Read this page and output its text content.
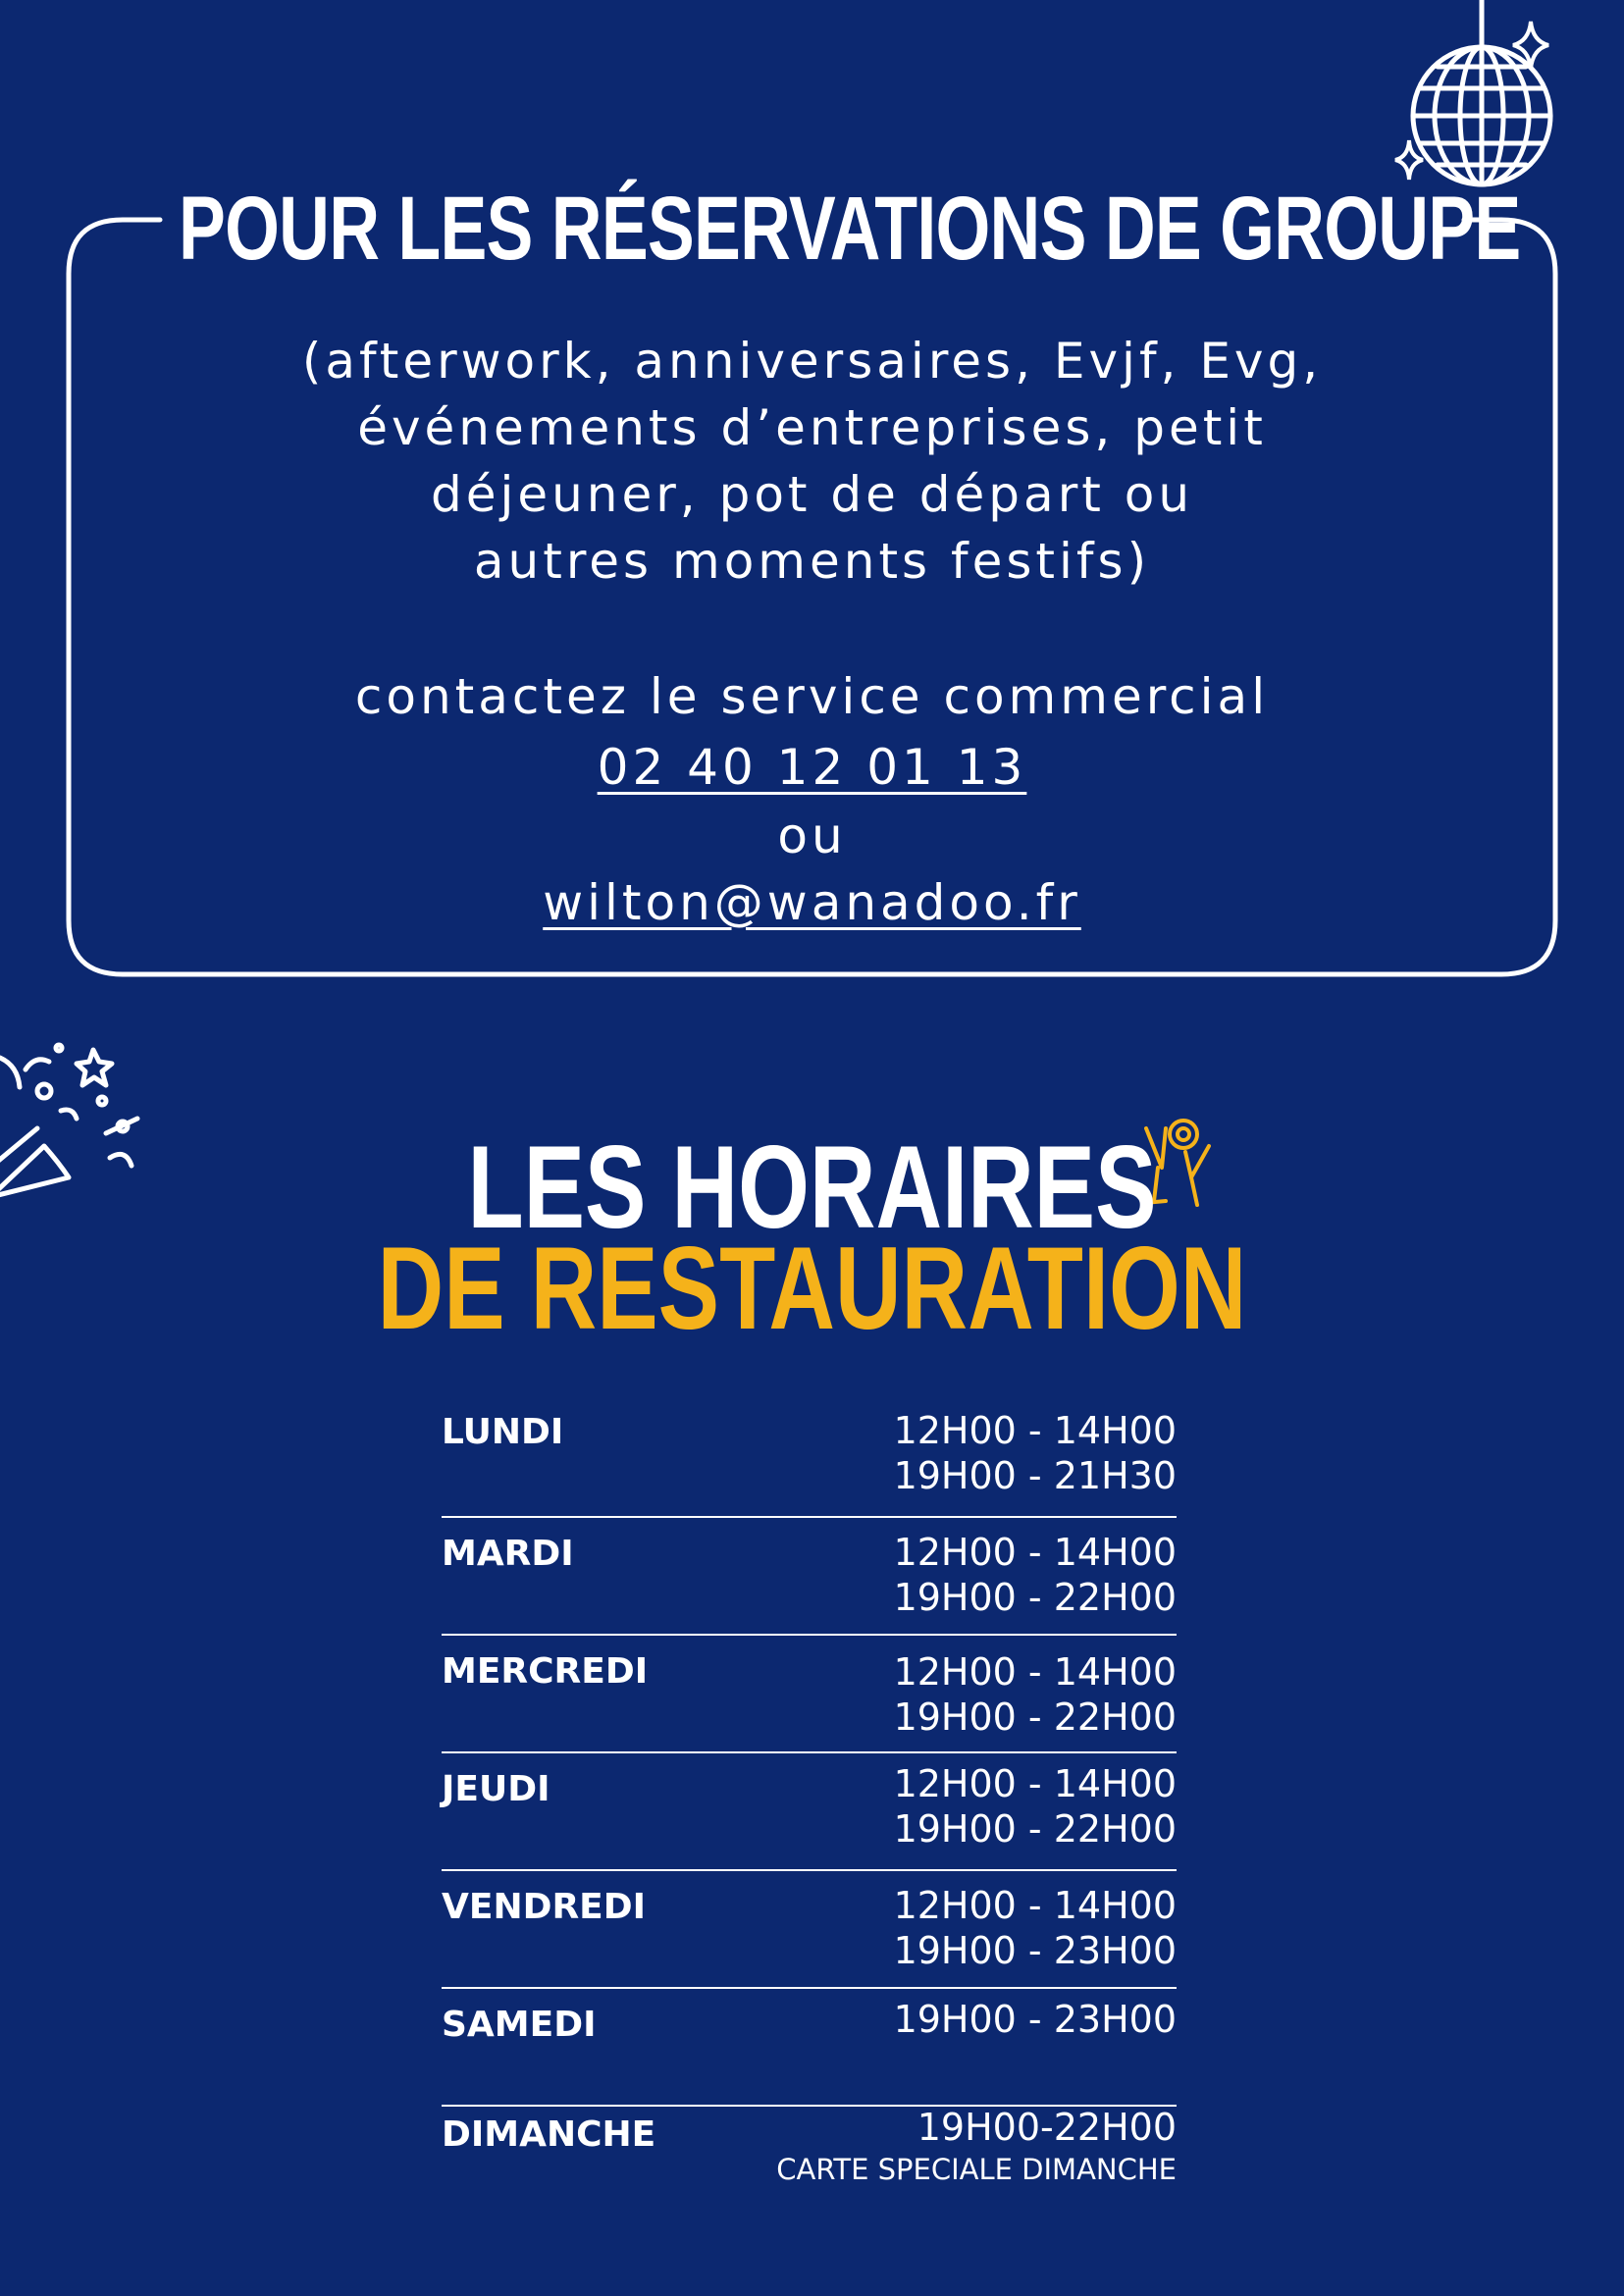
POUR LES RÉSERVATIONS DE GROUPE
(afterwork, anniversaires, Evjf, Evg,
événements d’entreprises, petit
déjeuner, pot de départ ou
autres moments festifs)
contactez le service commercial
02 40 12 01 13
ou
wilton@wanadoo.fr
LES HORAIRES
DE RESTAURATION
LUNDI	12H00 - 14H00
19H00 - 21H30
MARDI	12H00 - 14H00
19H00 - 22H00
MERCREDI	12H00 - 14H00
19H00 - 22H00
JEUDI	12H00 - 14H00
19H00 - 22H00
VENDREDI	12H00 - 14H00
19H00 - 23H00
SAMEDI	19H00 - 23H00
DIMANCHE	19H00-22H00
CARTE SPECIALE DIMANCHE
